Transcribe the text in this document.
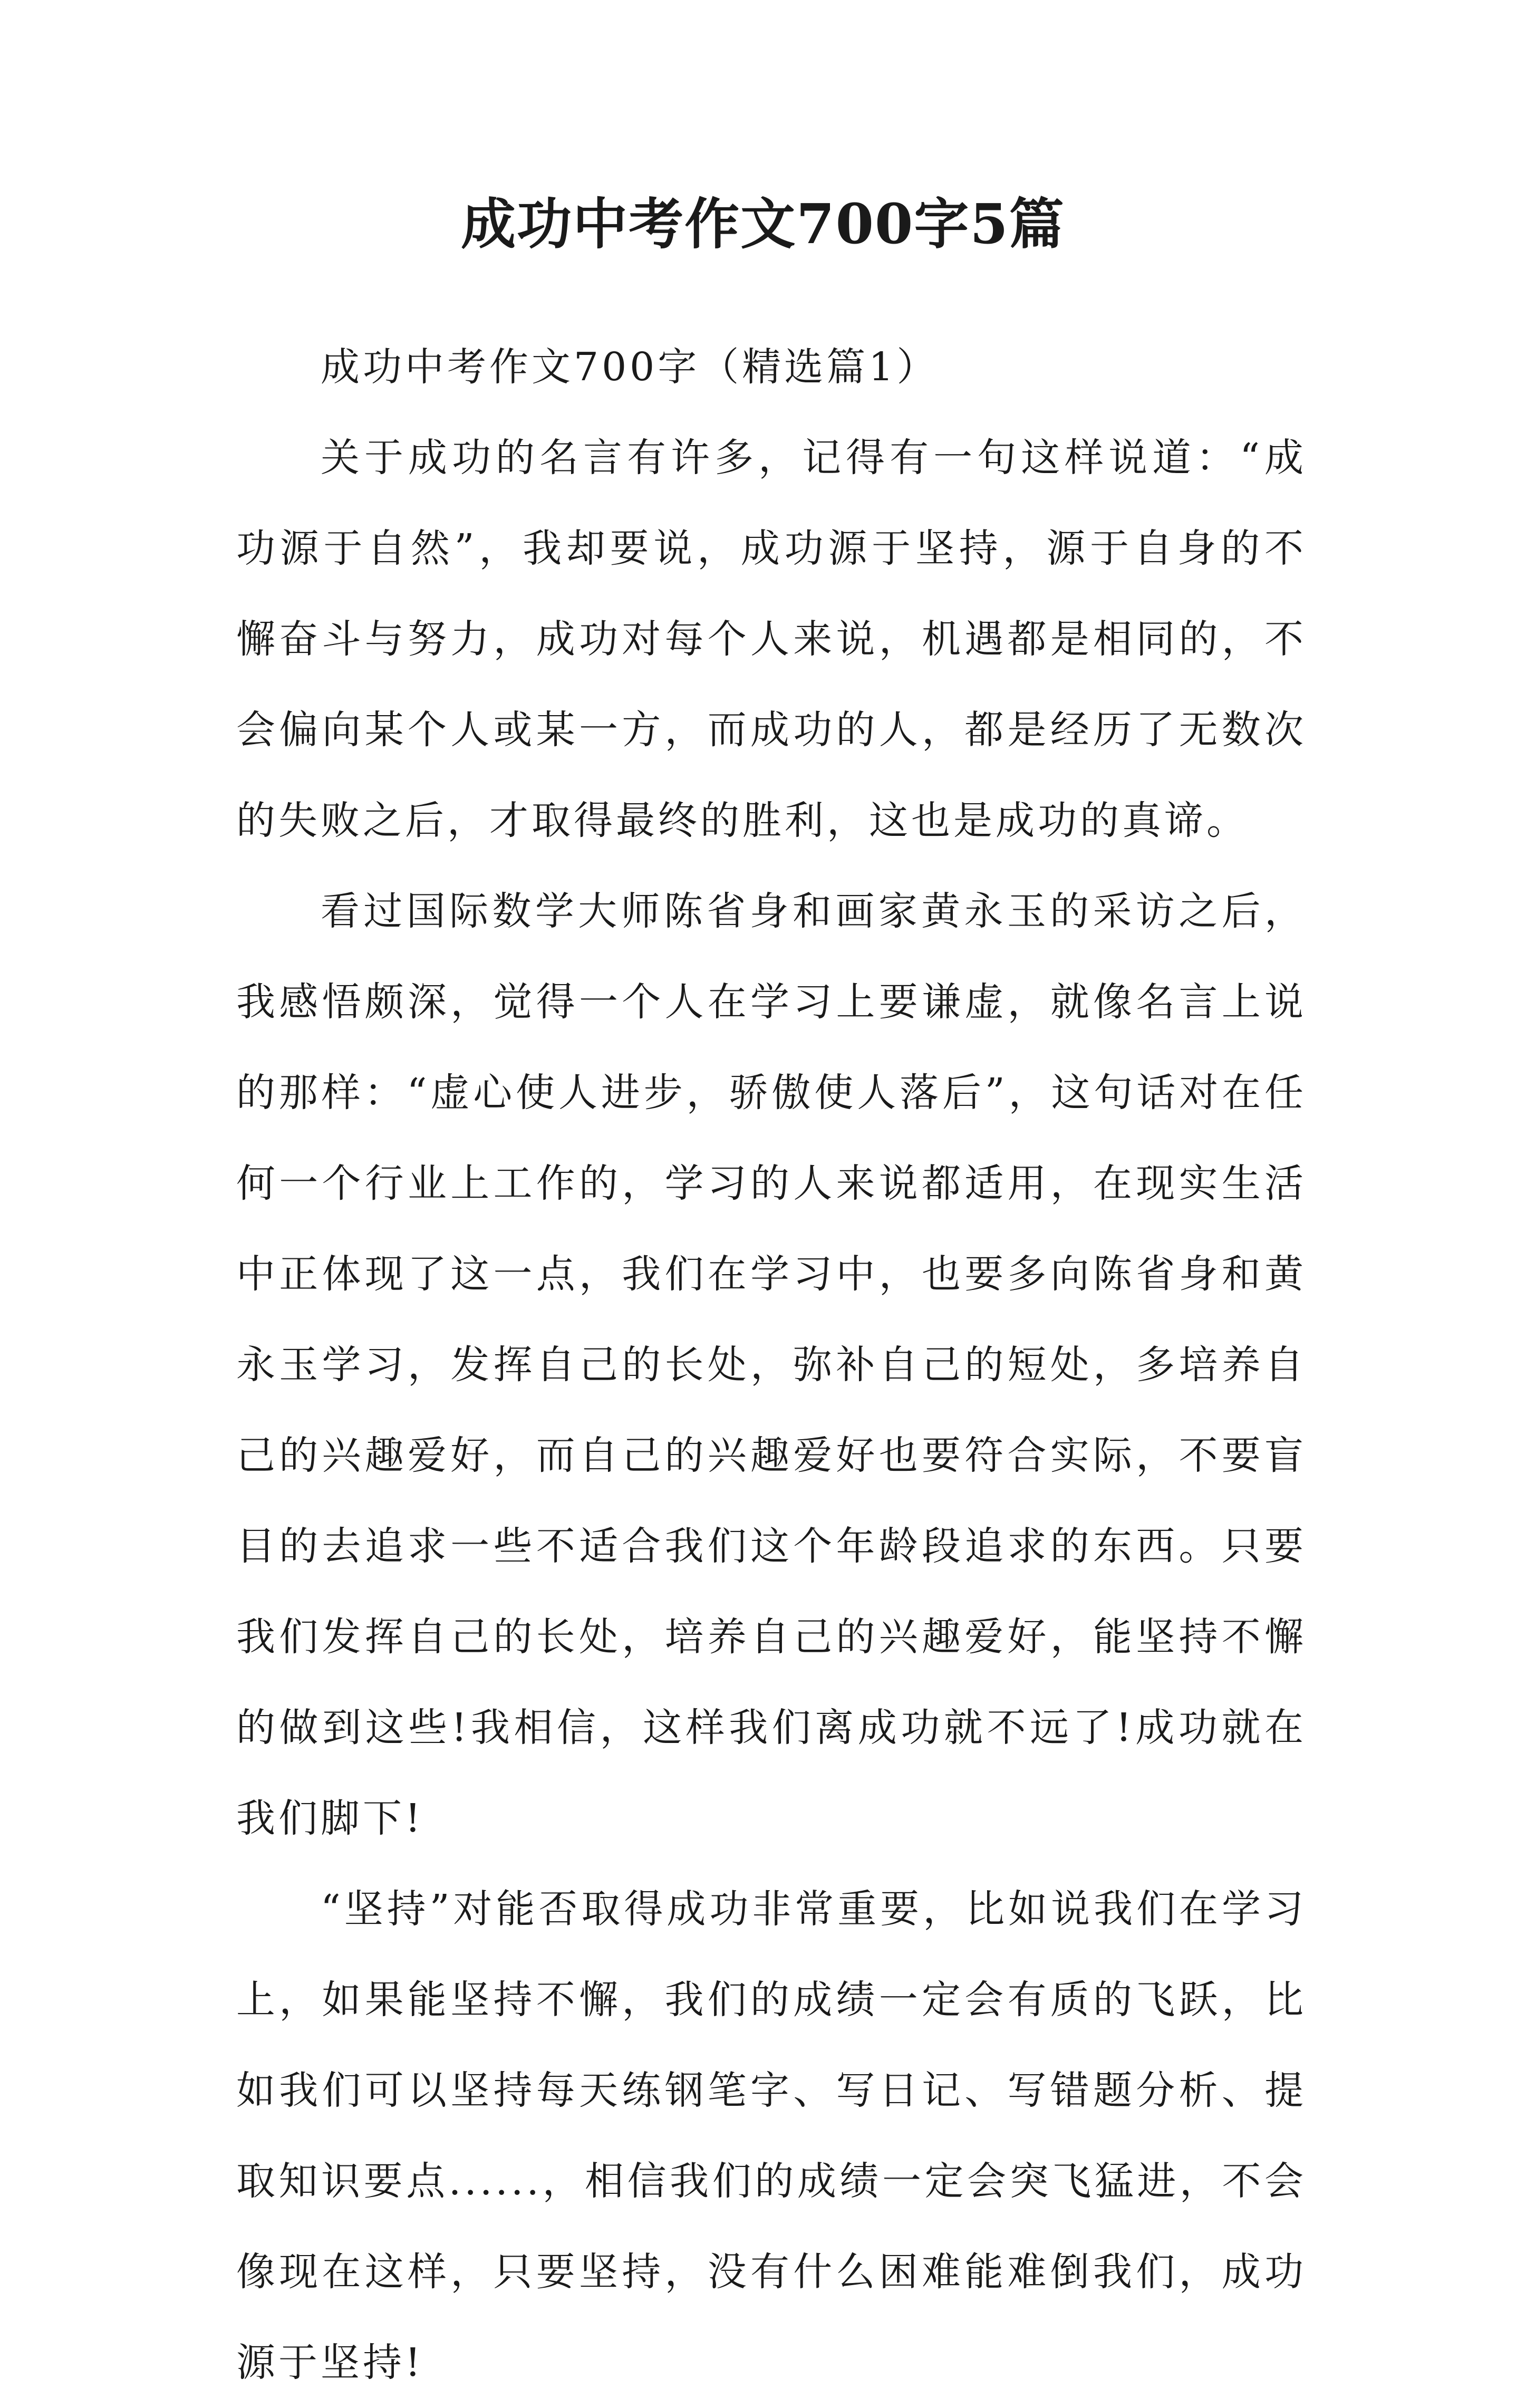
成功中考作文700字5篇

成功中考作文700字（精选篇1）

关于成功的名言有许多，记得有一句这样说道：“成功源于自然”，我却要说，成功源于坚持，源于自身的不懈奋斗与努力，成功对每个人来说，机遇都是相同的，不会偏向某个人或某一方，而成功的人，都是经历了无数次的失败之后，才取得最终的胜利，这也是成功的真谛。

看过国际数学大师陈省身和画家黄永玉的采访之后，我感悟颇深，觉得一个人在学习上要谦虚，就像名言上说的那样：“虚心使人进步，骄傲使人落后”，这句话对在任何一个行业上工作的，学习的人来说都适用，在现实生活中正体现了这一点，我们在学习中，也要多向陈省身和黄永玉学习，发挥自己的长处，弥补自己的短处，多培养自己的兴趣爱好，而自己的兴趣爱好也要符合实际，不要盲目的去追求一些不适合我们这个年龄段追求的东西。只要我们发挥自己的长处，培养自己的兴趣爱好，能坚持不懈的做到这些!我相信，这样我们离成功就不远了!成功就在我们脚下!

“坚持”对能否取得成功非常重要，比如说我们在学习上，如果能坚持不懈，我们的成绩一定会有质的飞跃，比如我们可以坚持每天练钢笔字、写日记、写错题分析、提取知识要点......，相信我们的成绩一定会突飞猛进，不会像现在这样，只要坚持，没有什么困难能难倒我们，成功源于坚持!
